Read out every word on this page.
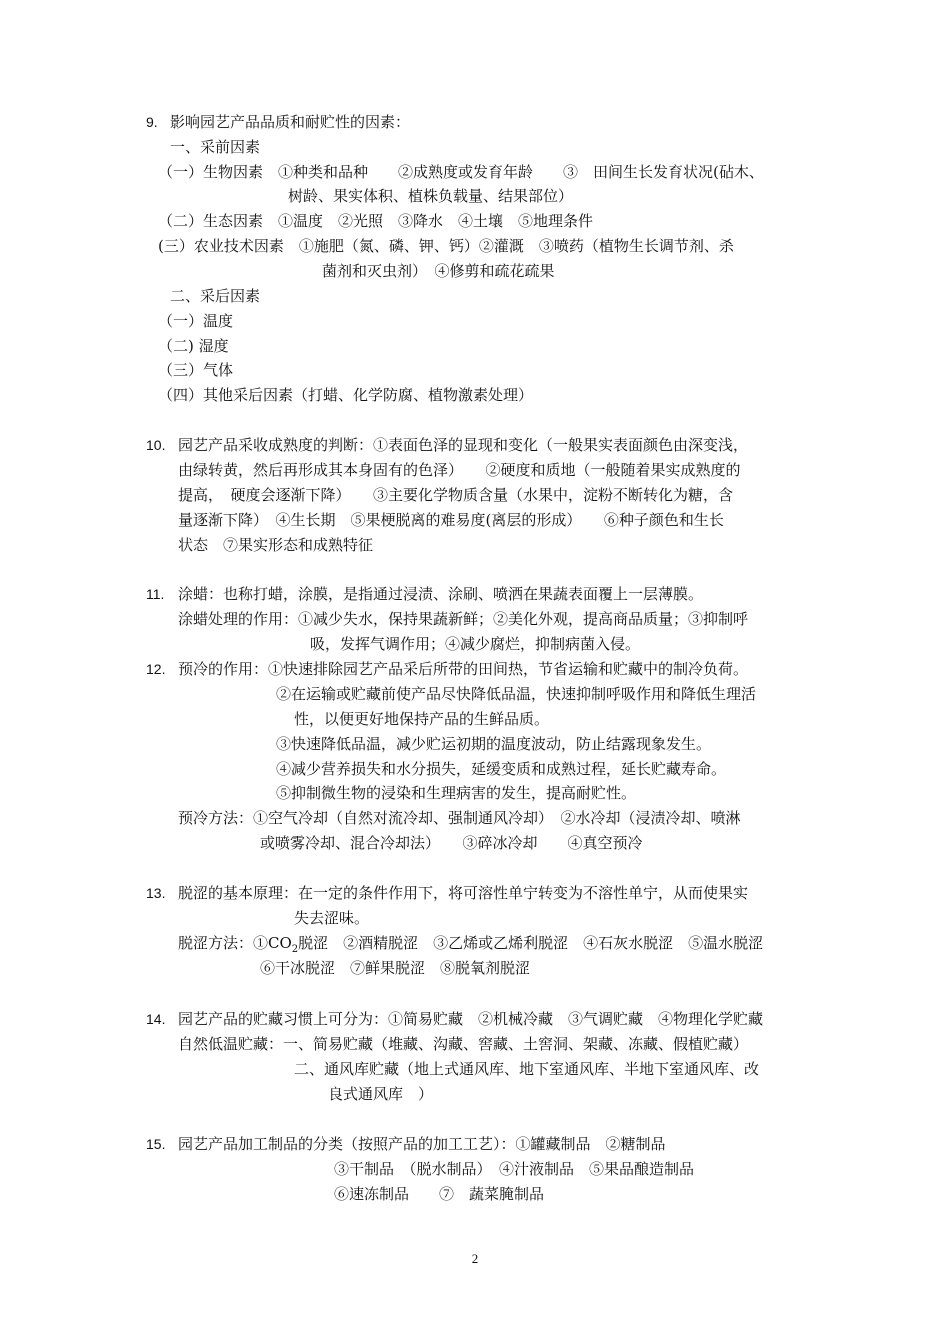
9. 影响园艺产品品质和耐贮性的因素：
一、采前因素
（一）生物因素　①种类和品种　　②成熟度或发育年龄　　③　田间生长发育状况(砧木、
树龄、果实体积、植株负载量、结果部位）
（二）生态因素　①温度　②光照　③降水　④土壤　⑤地理条件
(三）农业技术因素　①施肥（氮、磷、钾、钙）②灌溉　③喷药（植物生长调节剂、杀
菌剂和灭虫剂）　④修剪和疏花疏果
二、采后因素
（一）温度
（二) 湿度
（三）气体
（四）其他采后因素（打蜡、化学防腐、植物激素处理）
10. 园艺产品采收成熟度的判断：①表面色泽的显现和变化（一般果实表面颜色由深变浅，
由绿转黄，然后再形成其本身固有的色泽）　　②硬度和质地（一般随着果实成熟度的
提高，　硬度会逐渐下降）　　③主要化学物质含量（水果中，淀粉不断转化为糖，含
量逐渐下降）　④生长期　⑤果梗脱离的难易度(离层的形成）　　⑥种子颜色和生长
状态　⑦果实形态和成熟特征
11. 涂蜡：也称打蜡，涂膜，是指通过浸渍、涂刷、喷洒在果蔬表面覆上一层薄膜。
涂蜡处理的作用：①减少失水，保持果蔬新鲜；②美化外观，提高商品质量；③抑制呼
吸，发挥气调作用；④减少腐烂，抑制病菌入侵。
12. 预冷的作用：①快速排除园艺产品采后所带的田间热，节省运输和贮藏中的制冷负荷。
②在运输或贮藏前使产品尽快降低品温，快速抑制呼吸作用和降低生理活
性，以便更好地保持产品的生鲜品质。
③快速降低品温，减少贮运初期的温度波动，防止结露现象发生。
④减少营养损失和水分损失，延缓变质和成熟过程，延长贮藏寿命。
⑤抑制微生物的浸染和生理病害的发生，提高耐贮性。
预冷方法：①空气冷却（自然对流冷却、强制通风冷却）　②水冷却（浸渍冷却、喷淋
或喷雾冷却、混合冷却法）　　③碎冰冷却　　④真空预冷
13. 脱涩的基本原理：在一定的条件作用下，将可溶性单宁转变为不溶性单宁，从而使果实
失去涩味。
脱涩方法：$①CO_2$脱涩　②酒精脱涩　③乙烯或乙烯利脱涩　④石灰水脱涩　⑤温水脱涩
⑥干冰脱涩　⑦鲜果脱涩　⑧脱氧剂脱涩
14. 园艺产品的贮藏习惯上可分为：①简易贮藏　②机械冷藏　③气调贮藏　④物理化学贮藏
自然低温贮藏：一、简易贮藏（堆藏、沟藏、窖藏、土窖洞、架藏、冻藏、假植贮藏）
二、通风库贮藏（地上式通风库、地下室通风库、半地下室通风库、改
良式通风库　）
15. 园艺产品加工制品的分类（按照产品的加工工艺）：①罐藏制品　②糖制品
③干制品　（脱水制品）　④汁液制品　⑤果品酿造制品
⑥速冻制品　　⑦　蔬菜腌制品
2
